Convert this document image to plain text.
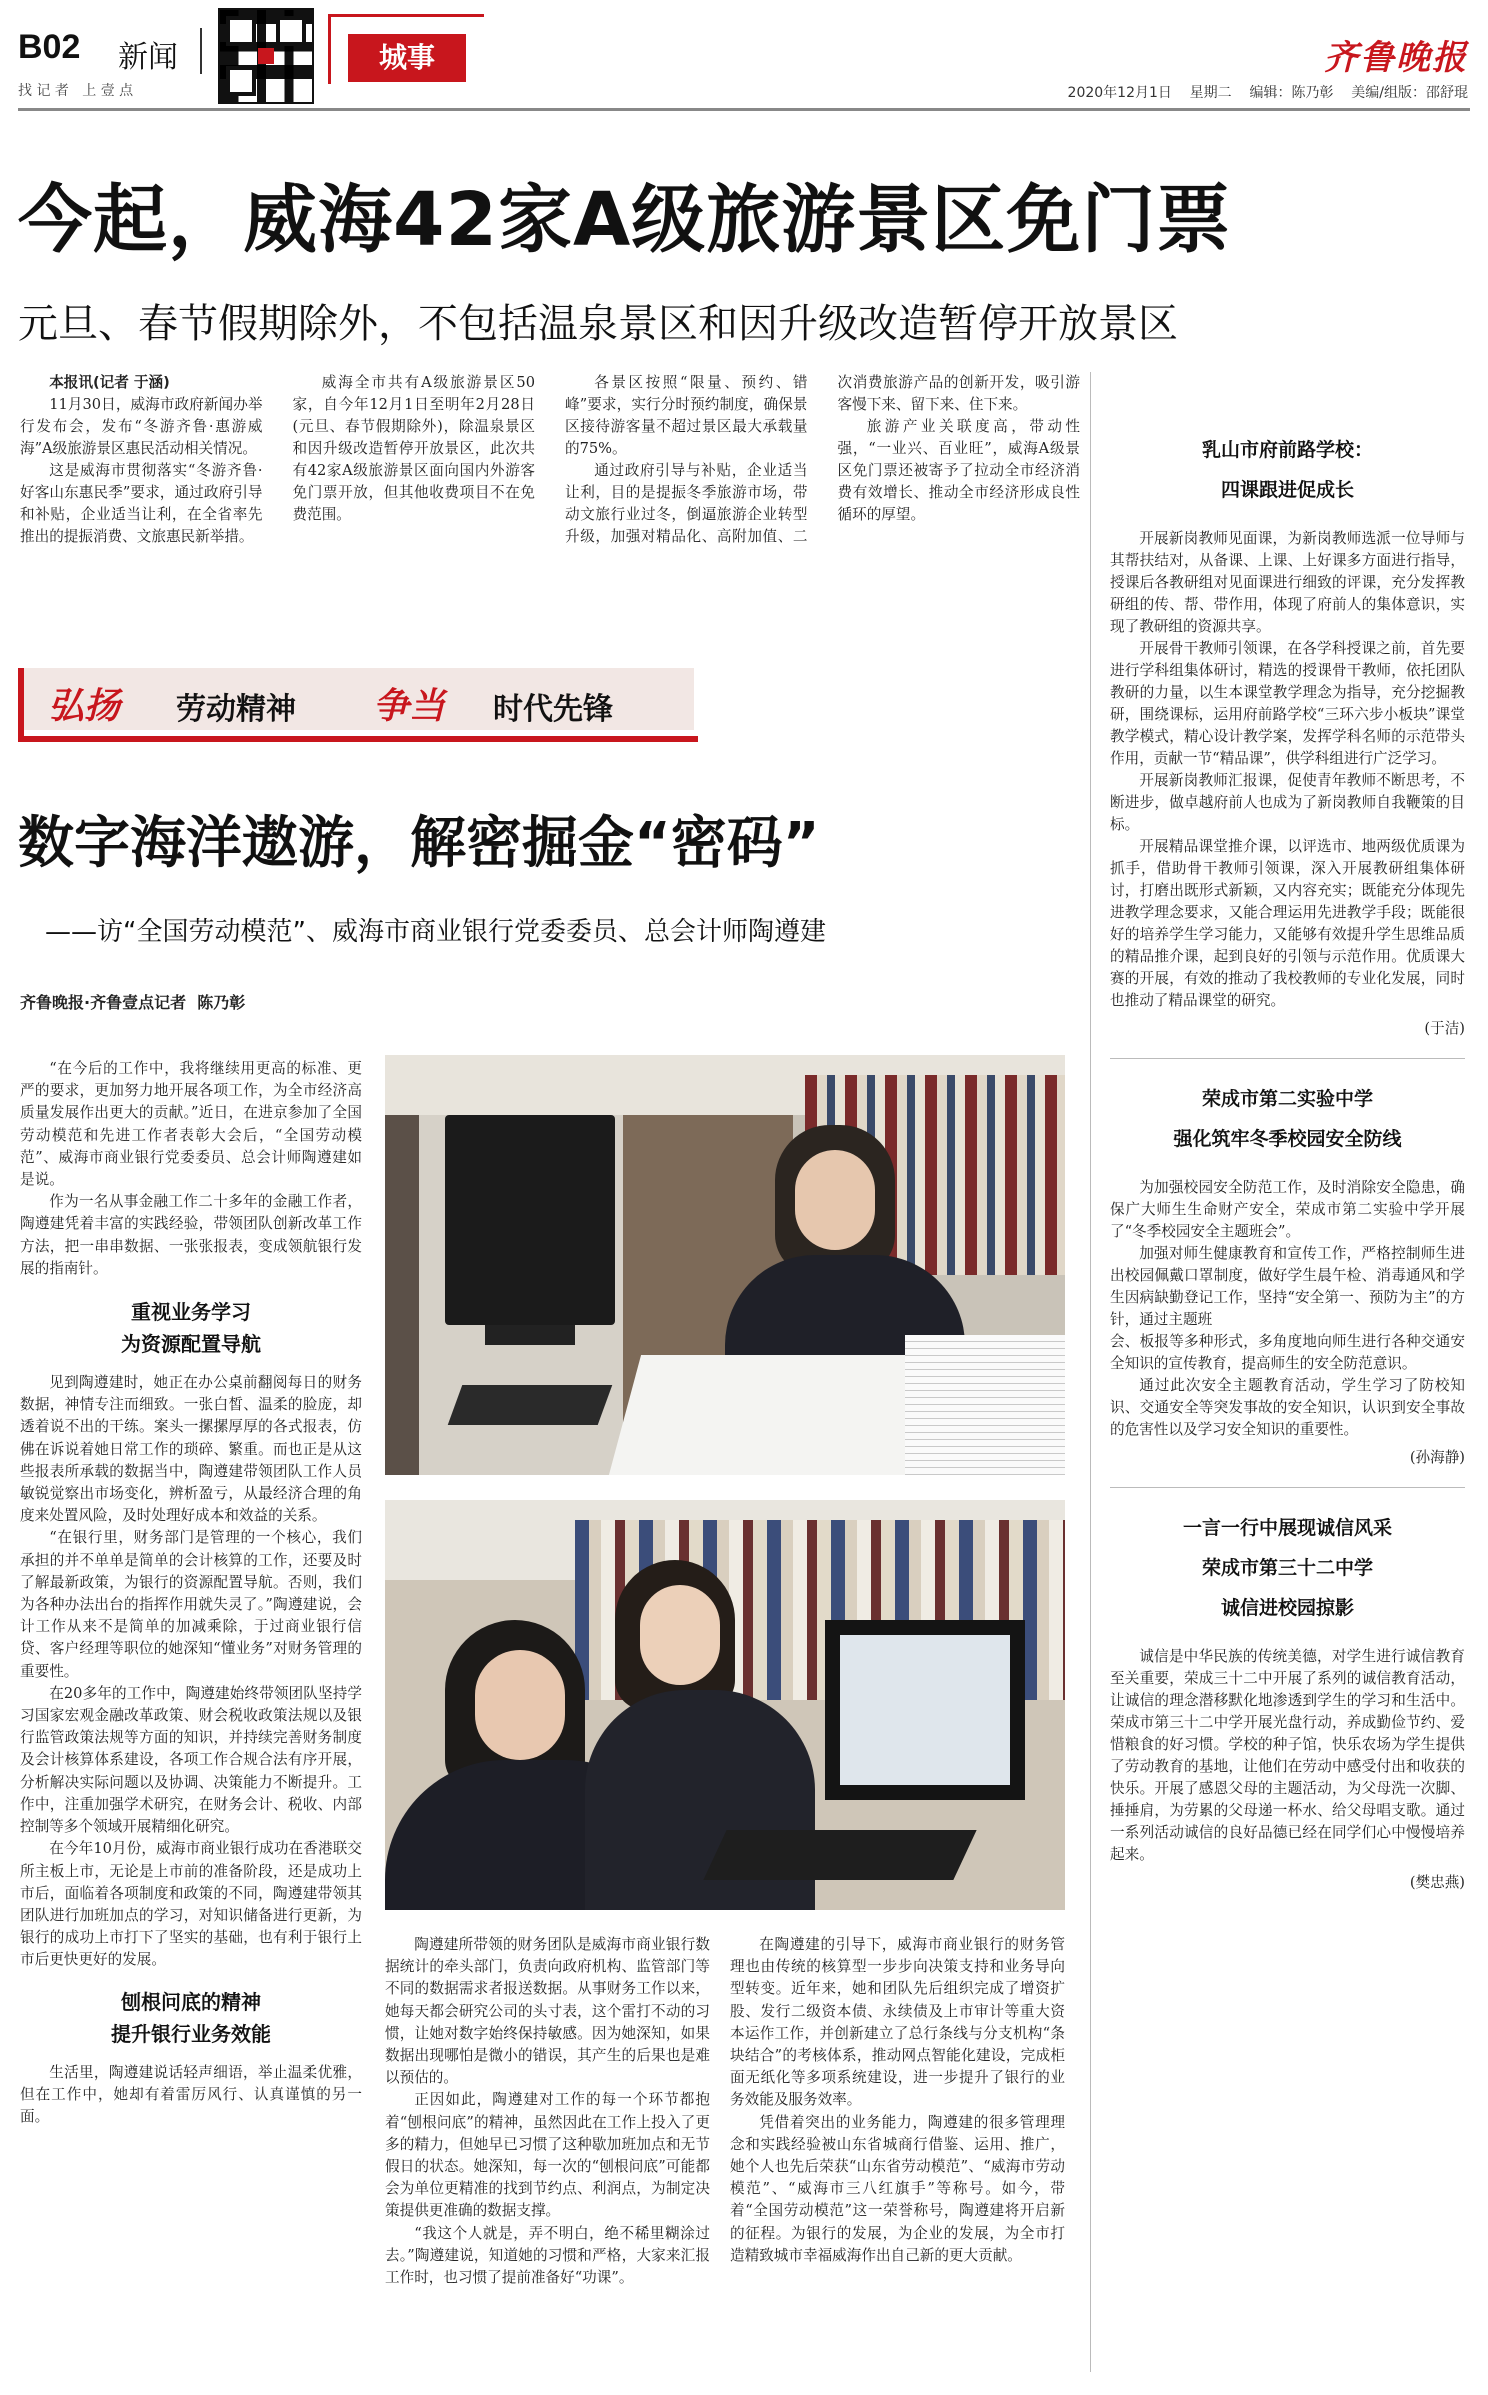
B02 新闻
找 记 者   上 壹 点
城事	齐鲁晚报
2020年12月1日    星期二    编辑：陈乃彰    美编/组版：邵舒琨
今起，威海42家A级旅游景区免门票
元旦、春节假期除外，不包括温泉景区和因升级改造暂停开放景区

本报讯(记者 于涵)

11月30日，威海市政府新闻办举行发布会，发布“冬游齐鲁·惠游威海”A级旅游景区惠民活动相关情况。

这是威海市贯彻落实“冬游齐鲁·好客山东惠民季”要求，通过政府引导和补贴，企业适当让利，在全省率先推出的提振消费、文旅惠民新举措。

威海全市共有A级旅游景区50家，自今年12月1日至明年2月28日(元旦、春节假期除外)，除温泉景区和因升级改造暂停开放景区，此次共有42家A级旅游景区面向国内外游客免门票开放，但其他收费项目不在免费范围。

各景区按照“限量、预约、错峰”要求，实行分时预约制度，确保景区接待游客量不超过景区最大承载量的75%。

通过政府引导与补贴，企业适当让利，目的是提振冬季旅游市场，带动文旅行业过冬，倒逼旅游企业转型升级，加强对精品化、高附加值、二次消费旅游产品的创新开发，吸引游客慢下来、留下来、住下来。

旅游产业关联度高，带动性强，“一业兴、百业旺”，威海A级景区免门票还被寄予了拉动全市经济消费有效增长、推动全市经济形成良性循环的厚望。

弘扬 劳动精神 争当 时代先锋
数字海洋遨游，解密掘金“密码”
——访“全国劳动模范”、威海市商业银行党委委员、总会计师陶遵建
齐鲁晚报·齐鲁壹点记者  陈乃彰

“在今后的工作中，我将继续用更高的标准、更严的要求，更加努力地开展各项工作，为全市经济高质量发展作出更大的贡献。”近日，在进京参加了全国劳动模范和先进工作者表彰大会后，“全国劳动模范”、威海市商业银行党委委员、总会计师陶遵建如是说。

作为一名从事金融工作二十多年的金融工作者，陶遵建凭着丰富的实践经验，带领团队创新改革工作方法，把一串串数据、一张张报表，变成领航银行发展的指南针。

重视业务学习
为资源配置导航

见到陶遵建时，她正在办公桌前翻阅每日的财务数据，神情专注而细致。一张白皙、温柔的脸庞，却透着说不出的干练。案头一摞摞厚厚的各式报表，仿佛在诉说着她日常工作的琐碎、繁重。而也正是从这些报表所承载的数据当中，陶遵建带领团队工作人员敏锐觉察出市场变化，辨析盈亏，从最经济合理的角度来处置风险，及时处理好成本和效益的关系。

“在银行里，财务部门是管理的一个核心，我们承担的并不单单是简单的会计核算的工作，还要及时了解最新政策，为银行的资源配置导航。否则，我们为各种办法出台的指挥作用就失灵了。”陶遵建说，会计工作从来不是简单的加减乘除，于过商业银行信贷、客户经理等职位的她深知“懂业务”对财务管理的重要性。

在20多年的工作中，陶遵建始终带领团队坚持学习国家宏观金融改革政策、财会税收政策法规以及银行监管政策法规等方面的知识，并持续完善财务制度及会计核算体系建设，各项工作合规合法有序开展，分析解决实际问题以及协调、决策能力不断提升。工作中，注重加强学术研究，在财务会计、税收、内部控制等多个领域开展精细化研究。

在今年10月份，威海市商业银行成功在香港联交所主板上市，无论是上市前的准备阶段，还是成功上市后，面临着各项制度和政策的不同，陶遵建带领其团队进行加班加点的学习，对知识储备进行更新，为银行的成功上市打下了坚实的基础，也有利于银行上市后更快更好的发展。

刨根问底的精神
提升银行业务效能

生活里，陶遵建说话轻声细语，举止温柔优雅，但在工作中，她却有着雷厉风行、认真谨慎的另一面。

陶遵建所带领的财务团队是威海市商业银行数据统计的牵头部门，负责向政府机构、监管部门等不同的数据需求者报送数据。从事财务工作以来，她每天都会研究公司的头寸表，这个雷打不动的习惯，让她对数字始终保持敏感。因为她深知，如果数据出现哪怕是微小的错误，其产生的后果也是难以预估的。

正因如此，陶遵建对工作的每一个环节都抱着“刨根问底”的精神，虽然因此在工作上投入了更多的精力，但她早已习惯了这种歇加班加点和无节假日的状态。她深知，每一次的“刨根问底”可能都会为单位更精准的找到节约点、利润点，为制定决策提供更准确的数据支撑。

“我这个人就是，弄不明白，绝不稀里糊涂过去。”陶遵建说，知道她的习惯和严格，大家来汇报工作时，也习惯了提前准备好“功课”。

在陶遵建的引导下，威海市商业银行的财务管理也由传统的核算型一步步向决策支持和业务导向型转变。近年来，她和团队先后组织完成了增资扩股、发行二级资本债、永续债及上市审计等重大资本运作工作，并创新建立了总行条线与分支机构“条块结合”的考核体系，推动网点智能化建设，完成柜面无纸化等多项系统建设，进一步提升了银行的业务效能及服务效率。

凭借着突出的业务能力，陶遵建的很多管理理念和实践经验被山东省城商行借鉴、运用、推广，她个人也先后荣获“山东省劳动模范”、“威海市劳动模范”、“威海市三八红旗手”等称号。如今，带着“全国劳动模范”这一荣誉称号，陶遵建将开启新的征程。为银行的发展，为企业的发展，为全市打造精致城市幸福威海作出自己新的更大贡献。

乳山市府前路学校：
四课跟进促成长

开展新岗教师见面课，为新岗教师选派一位导师与其帮扶结对，从备课、上课、上好课多方面进行指导，授课后各教研组对见面课进行细致的评课，充分发挥教研组的传、帮、带作用，体现了府前人的集体意识，实现了教研组的资源共享。

开展骨干教师引领课，在各学科授课之前，首先要进行学科组集体研讨，精选的授课骨干教师，依托团队教研的力量，以生本课堂教学理念为指导，充分挖掘教研，围绕课标，运用府前路学校“三环六步小板块”课堂教学模式，精心设计教学案，发挥学科名师的示范带头作用，贡献一节“精品课”，供学科组进行广泛学习。

开展新岗教师汇报课，促使青年教师不断思考，不断进步，做卓越府前人也成为了新岗教师自我鞭策的目标。

开展精品课堂推介课，以评选市、地两级优质课为抓手，借助骨干教师引领课，深入开展教研组集体研讨，打磨出既形式新颖，又内容充实；既能充分体现先进教学理念要求，又能合理运用先进教学手段；既能很好的培养学生学习能力，又能够有效提升学生思维品质的精品推介课，起到良好的引领与示范作用。优质课大赛的开展，有效的推动了我校教师的专业化发展，同时也推动了精品课堂的研究。

(于洁)
荣成市第二实验中学
强化筑牢冬季校园安全防线

为加强校园安全防范工作，及时消除安全隐患，确保广大师生生命财产安全，荣成市第二实验中学开展了“冬季校园安全主题班会”。

加强对师生健康教育和宣传工作，严格控制师生进出校园佩戴口罩制度，做好学生晨午检、消毒通风和学生因病缺勤登记工作，坚持“安全第一、预防为主”的方针，通过主题班

会、板报等多种形式，多角度地向师生进行各种交通安全知识的宣传教育，提高师生的安全防范意识。

通过此次安全主题教育活动，学生学习了防校知识、交通安全等突发事故的安全知识，认识到安全事故的危害性以及学习安全知识的重要性。

(孙海静)
一言一行中展现诚信风采
荣成市第三十二中学
诚信进校园掠影

诚信是中华民族的传统美德，对学生进行诚信教育至关重要，荣成三十二中开展了系列的诚信教育活动，让诚信的理念潜移默化地渗透到学生的学习和生活中。荣成市第三十二中学开展光盘行动，养成勤俭节约、爱惜粮食的好习惯。学校的种子馆，快乐农场为学生提供了劳动教育的基地，让他们在劳动中感受付出和收获的快乐。开展了感恩父母的主题活动，为父母洗一次脚、捶捶肩，为劳累的父母递一杯水、给父母唱支歌。通过一系列活动诚信的良好品德已经在同学们心中慢慢培养起来。

(樊忠燕)
